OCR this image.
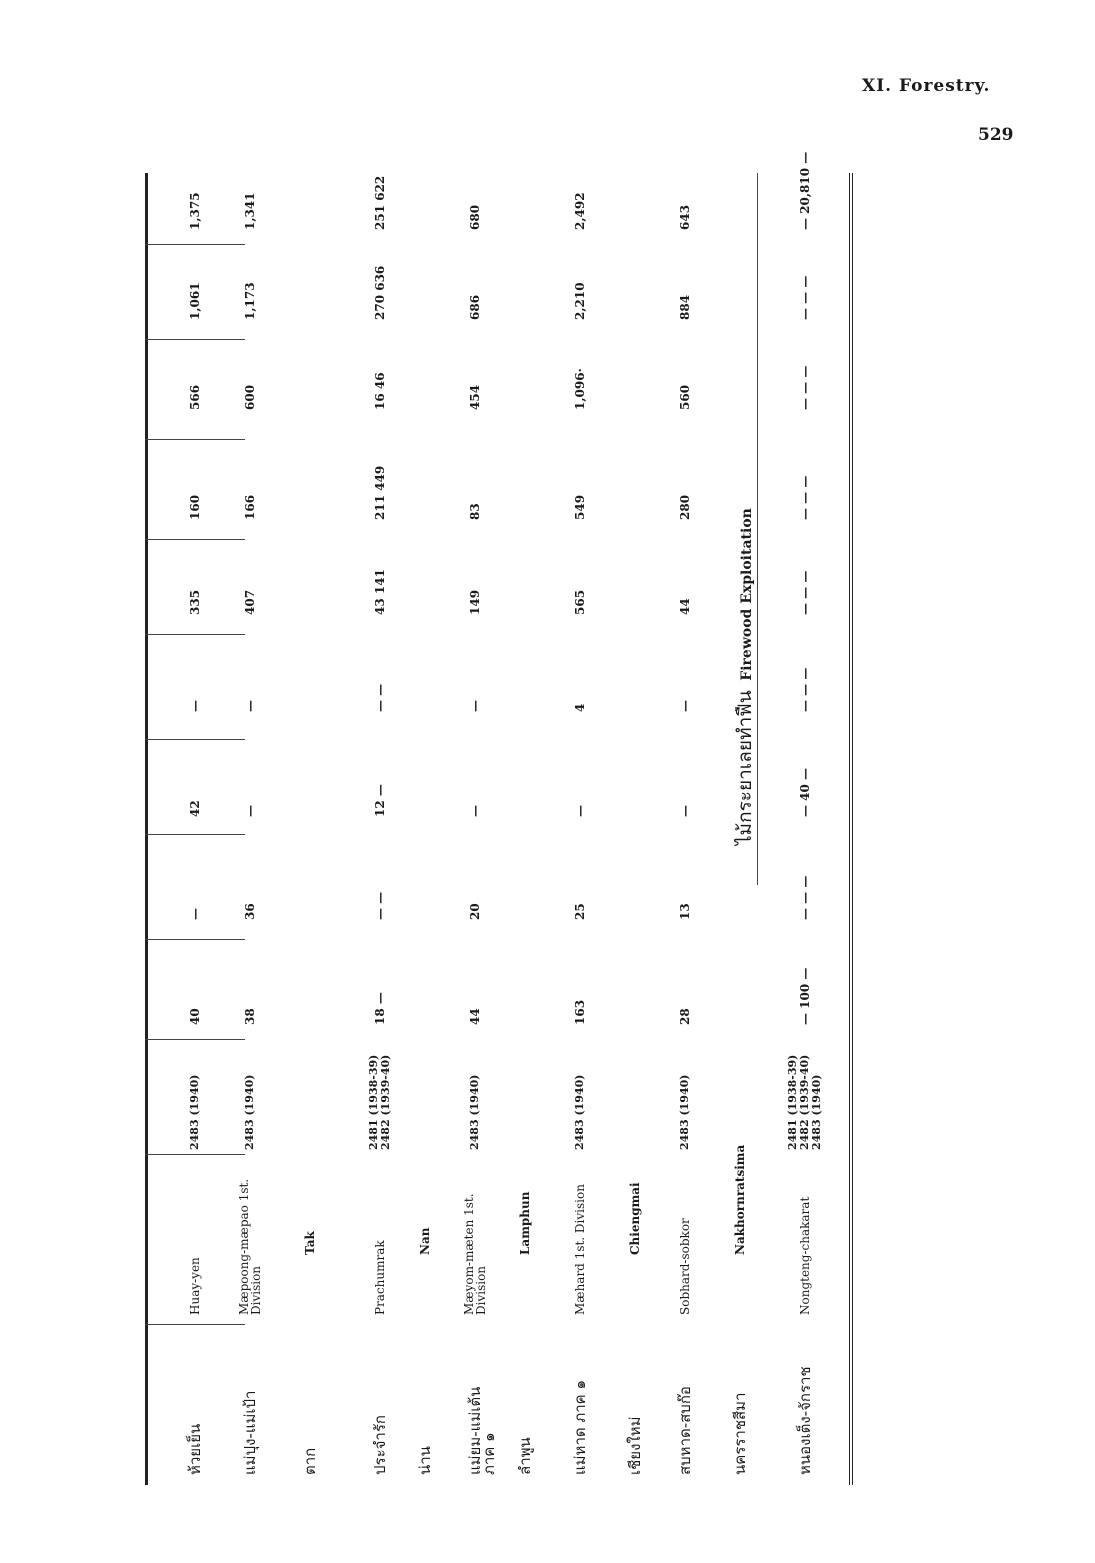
XI. Forestry.
529
ห้วยเย็น
Huay-yen
2483 (1940)
40
—
42
—
335
160
566
1,061
1,375
แม่ปุง-แม่เป้า
Mæpoong-mæpao 1st. Division
2483 (1940)
38
36
—
—
407
166
600
1,173
1,341
ตาก
Tak
ประจำรัก
Prachumrak
2481 (1938-39) 2482 (1939-40)
18 —
— —
12 —
— —
43 141
211 449
16 46
270 636
251 622
น่าน
Nan
แม่ยม-แม่เต้น
ภาค ๑
Mæyom-mæten 1st. Division
2483 (1940)
44
20
—
—
149
83
454
686
680
ลำพูน
Lamphun
แม่หาด ภาค ๑
Mæhard 1st. Division
2483 (1940)
163
25
—
4
565
549
1,096·
2,210
2,492
เชียงใหม่
Chiengmai
สบหาด-สบก๊อ
Sobhard-sobkor
2483 (1940)
28
13
—
—
44
280
560
884
643
นครราชสีมา
Nakhornratsima
หนองเต็ง-จักราช
Nongteng-chakarat
2481 (1938-39) 2482 (1939-40) 2483 (1940)
— 100 —
— — —
— 40 —
— — —
— — —
— — —
— — —
— — —
— 20,810 —
ไม้กระยาเลยทำฟืน Firewood Exploitation
